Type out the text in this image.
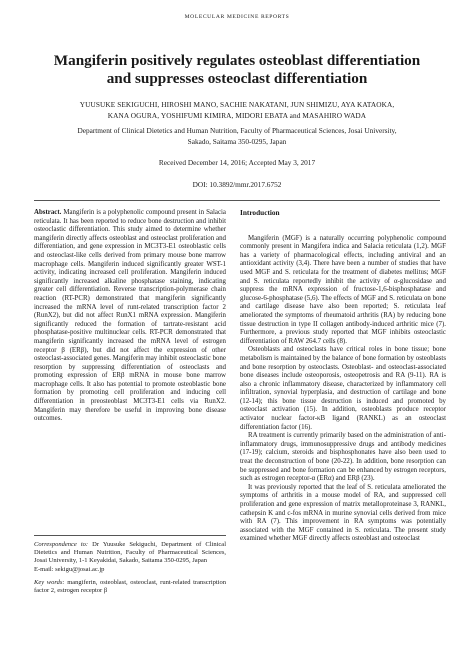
MOLECULAR MEDICINE REPORTS
Mangiferin positively regulates osteoblast differentiation
and suppresses osteoclast differentiation
YUUSUKE SEKIGUCHI, HIROSHI MANO, SACHIE NAKATANI, JUN SHIMIZU, AYA KATAOKA,
KANA OGURA, YOSHIFUMI KIMIRA, MIDORI EBATA and MASAHIRO WADA
Department of Clinical Dietetics and Human Nutrition, Faculty of Pharmaceutical Sciences, Josai University,
Sakado, Saitama 350-0295, Japan
Received December 14, 2016; Accepted May 3, 2017
DOI: 10.3892/mmr.2017.6752

Abstract. Mangiferin is a polyphenolic compound present in Salacia reticulata. It has been reported to reduce bone destruction and inhibit osteoclastic differentiation. This study aimed to determine whether mangiferin directly affects osteoblast and osteoclast proliferation and differentiation, and gene expression in MC3T3-E1 osteoblastic cells and osteoclast-like cells derived from primary mouse bone marrow macrophage cells. Mangiferin induced significantly greater WST-1 activity, indicating increased cell proliferation. Mangiferin induced significantly increased alkaline phosphatase staining, indicating greater cell differentiation. Reverse transcription-polymerase chain reaction (RT-PCR) demonstrated that mangiferin significantly increased the mRNA level of runt-related transcription factor 2 (RunX2), but did not affect RunX1 mRNA expression. Mangiferin significantly reduced the formation of tartrate-resistant acid phosphatase-positive multinuclear cells. RT-PCR demonstrated that mangiferin significantly increased the mRNA level of estrogen receptor β (ERβ), but did not affect the expression of other osteoclast-associated genes. Mangiferin may inhibit osteoclastic bone resorption by suppressing differentiation of osteoclasts and promoting expression of ERβ mRNA in mouse bone marrow macrophage cells. It also has potential to promote osteoblastic bone formation by promoting cell proliferation and inducing cell differentiation in preosteoblast MC3T3-E1 cells via RunX2. Mangiferin may therefore be useful in improving bone disease outcomes.

Correspondence to: Dr Yuusuke Sekiguchi, Department of Clinical Dietetics and Human Nutrition, Faculty of Pharmaceutical Sciences, Josai University, 1-1 Keyakidai, Sakado, Saitama 350-0295, Japan
E-mail: sekigu@josai.ac.jp
Key words: mangiferin, osteoblast, osteoclast, runt-related transcription factor 2, estrogen receptor β
Introduction

Mangiferin (MGF) is a naturally occurring polyphenolic compound commonly present in Mangifera indica and Salacia reticulata (1,2). MGF has a variety of pharmacological effects, including antiviral and an antioxidant activity (3,4). There have been a number of studies that have used MGF and S. reticulata for the treatment of diabetes mellitus; MGF and S. reticulata reportedly inhibit the activity of α-glucosidase and suppress the mRNA expression of fructose-1,6-bisphosphatase and glucose-6-phosphatase (5,6). The effects of MGF and S. reticulata on bone and cartilage disease have also been reported; S. reticulata leaf ameliorated the symptoms of rheumatoid arthritis (RA) by reducing bone tissue destruction in type II collagen antibody-induced arthritic mice (7). Furthermore, a previous study reported that MGF inhibits osteoclastic differentiation of RAW 264.7 cells (8).

Osteoblasts and osteoclasts have critical roles in bone tissue; bone metabolism is maintained by the balance of bone formation by osteoblasts and bone resorption by osteoclasts. Osteoblast- and osteoclast-associated bone diseases include osteoporosis, osteopetrosis and RA (9-11). RA is also a chronic inflammatory disease, characterized by inflammatory cell infiltration, synovial hyperplasia, and destruction of cartilage and bone (12-14); this bone tissue destruction is induced and promoted by osteoclast activation (15). In addition, osteoblasts produce receptor activator nuclear factor-κB ligand (RANKL) as an osteoclast differentiation factor (16).

RA treatment is currently primarily based on the administration of anti-inflammatory drugs, immunosuppressive drugs and antibody medicines (17-19); calcium, steroids and bisphosphonates have also been used to treat the deconstruction of bone (20-22). In addition, bone resorption can be suppressed and bone formation can be enhanced by estrogen receptors, such as estrogen receptor-α (ERα) and ERβ (23).

It was previously reported that the leaf of S. reticulata ameliorated the symptoms of arthritis in a mouse model of RA, and suppressed cell proliferation and gene expression of matrix metalloproteinase 3, RANKL, cathepsin K and c-fos mRNA in murine synovial cells derived from mice with RA (7). This improvement in RA symptoms was potentially associated with the MGF contained in S. reticulata. The present study examined whether MGF directly affects osteoblast and osteoclast
